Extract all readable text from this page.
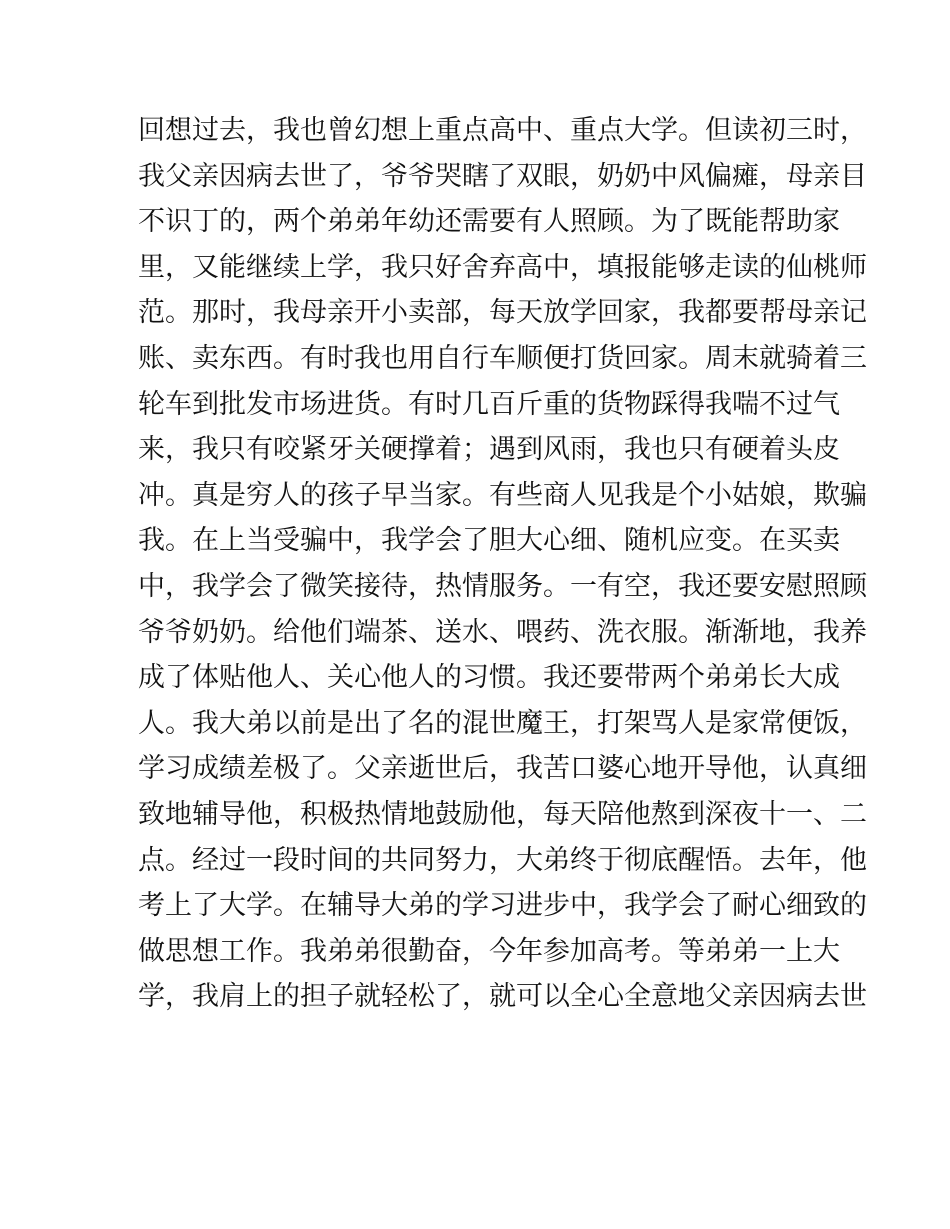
回想过去，我也曾幻想上重点高中、重点大学。但读初三时，
我父亲因病去世了，爷爷哭瞎了双眼，奶奶中风偏瘫，母亲目
不识丁的，两个弟弟年幼还需要有人照顾。为了既能帮助家
里，又能继续上学，我只好舍弃高中，填报能够走读的仙桃师
范。那时，我母亲开小卖部，每天放学回家，我都要帮母亲记
账、卖东西。有时我也用自行车顺便打货回家。周末就骑着三
轮车到批发市场进货。有时几百斤重的货物踩得我喘不过气
来，我只有咬紧牙关硬撑着；遇到风雨，我也只有硬着头皮
冲。真是穷人的孩子早当家。有些商人见我是个小姑娘，欺骗
我。在上当受骗中，我学会了胆大心细、随机应变。在买卖
中，我学会了微笑接待，热情服务。一有空，我还要安慰照顾
爷爷奶奶。给他们端茶、送水、喂药、洗衣服。渐渐地，我养
成了体贴他人、关心他人的习惯。我还要带两个弟弟长大成
人。我大弟以前是出了名的混世魔王，打架骂人是家常便饭，
学习成绩差极了。父亲逝世后，我苦口婆心地开导他，认真细
致地辅导他，积极热情地鼓励他，每天陪他熬到深夜十一、二
点。经过一段时间的共同努力，大弟终于彻底醒悟。去年，他
考上了大学。在辅导大弟的学习进步中，我学会了耐心细致的
做思想工作。我弟弟很勤奋，今年参加高考。等弟弟一上大
学，我肩上的担子就轻松了，就可以全心全意地父亲因病去世
